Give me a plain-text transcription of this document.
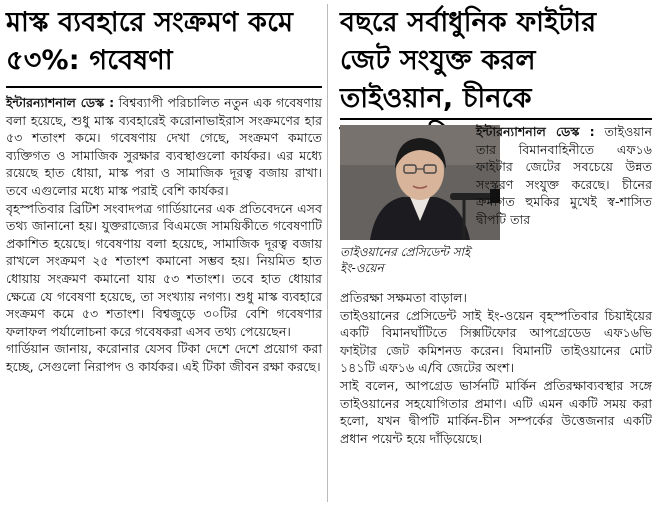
মাস্ক ব্যবহারে সংক্রমণ কমে ৫৩%: গবেষণা

ইন্টারন্যাশনাল ডেস্ক : বিশ্বব্যাপী পরিচালিত নতুন এক গবেষণায় বলা হয়েছে, শুধু মাস্ক ব্যবহারেই করোনাভাইরাস সংক্রমণের হার ৫৩ শতাংশ কমে। গবেষণায় দেখা গেছে, সংক্রমণ কমাতে ব্যক্তিগত ও সামাজিক সুরক্ষার ব্যবস্থাগুলো কার্যকর। এর মধ্যে রয়েছে হাত ধোয়া, মাস্ক পরা ও সামাজিক দূরত্ব বজায় রাখা। তবে এগুলোর মধ্যে মাস্ক পরাই বেশি কার্যকর।

বৃহস্পতিবার ব্রিটিশ সংবাদপত্র গার্ডিয়ানের এক প্রতিবেদনে এসব তথ্য জানানো হয়। যুক্তরাজ্যের বিএমজে সাময়িকীতে গবেষণাটি প্রকাশিত হয়েছে। গবেষণায় বলা হয়েছে, সামাজিক দূরত্ব বজায় রাখলে সংক্রমণ ২৫ শতাংশ কমানো সম্ভব হয়। নিয়মিত হাত ধোয়ায় সংক্রমণ কমানো যায় ৫৩ শতাংশ। তবে হাত ধোয়ার ক্ষেত্রে যে গবেষণা হয়েছে, তা সংখ্যায় নগণ্য। শুধু মাস্ক ব্যবহারে সংক্রমণ কমে ৫৩ শতাংশ। বিশ্বজুড়ে ৩০টির বেশি গবেষণার ফলাফল পর্যালোচনা করে গবেষকরা এসব তথ্য পেয়েছেন।

গার্ডিয়ান জানায়, করোনার যেসব টিকা দেশে দেশে প্রয়োগ করা হচ্ছে, সেগুলো নিরাপদ ও কার্যকর। এই টিকা জীবন রক্ষা করছে।

বছরে সর্বাধুনিক ফাইটার জেট সংযুক্ত করল তাইওয়ান, চীনকে
তাইওয়ানের প্রেসিডেন্ট সাই ইং-ওয়েন

ইন্টারন্যাশনাল ডেস্ক : তাইওয়ান তার বিমানবাহিনীতে এফ১৬ ফাইটার জেটের সবচেয়ে উন্নত সংস্করণ সংযুক্ত করেছে। চীনের ক্রমাগত হুমকির মুখেই স্ব-শাসিত দ্বীপটি তার

প্রতিরক্ষা সক্ষমতা বাড়াল।

তাইওয়ানের প্রেসিডেন্ট সাই ইং-ওয়েন বৃহস্পতিবার চিয়াইয়ের একটি বিমানঘাঁটিতে সিক্সটিফোর আপগ্রেডেড এফ১৬ভি ফাইটার জেট কমিশনড করেন। বিমানটি তাইওয়ানের মোট ১৪১টি এফ১৬ এ/বি জেটের অংশ।

সাই বলেন, আপগ্রেড ভার্সনটি মার্কিন প্রতিরক্ষাব্যবস্থার সঙ্গে তাইওয়ানের সহযোগিতার প্রমাণ। এটি এমন একটি সময় করা হলো, যখন দ্বীপটি মার্কিন-চীন সম্পর্কের উত্তেজনার একটি প্রধান পয়েন্ট হয়ে দাঁড়িয়েছে।
